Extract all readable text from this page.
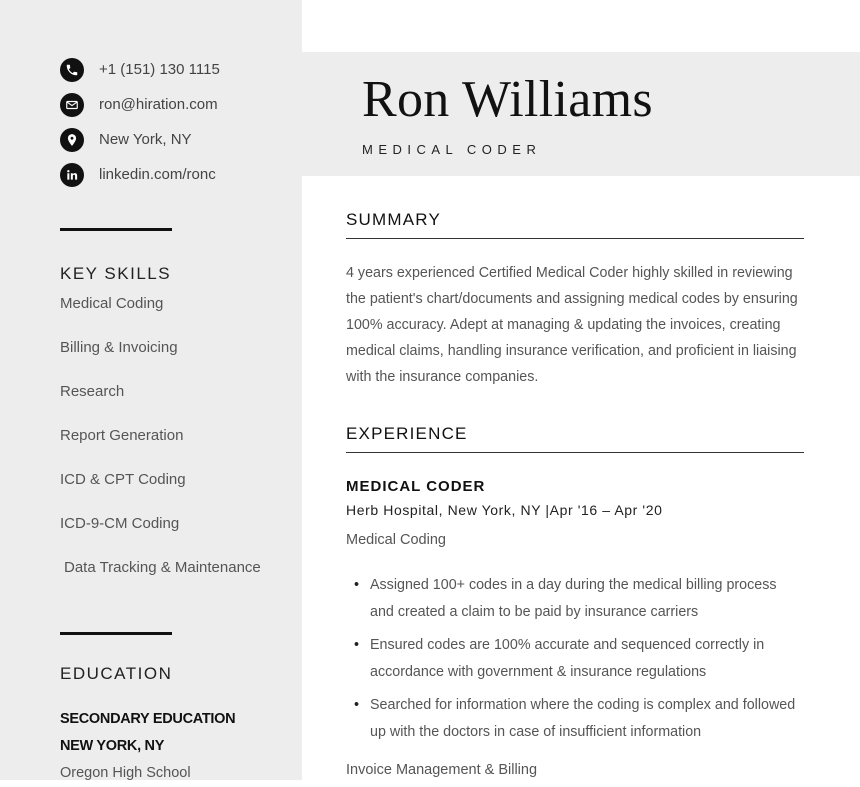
+1 (151) 130 1115
ron@hiration.com
New York, NY
linkedin.com/ronc
KEY SKILLS
Medical Coding
Billing & Invoicing
Research
Report Generation
ICD & CPT Coding
ICD-9-CM Coding
Data Tracking & Maintenance
EDUCATION
SECONDARY EDUCATION
NEW YORK, NY
Oregon High School
Ron Williams
MEDICAL CODER
SUMMARY

4 years experienced Certified Medical Coder highly skilled in reviewing the patient's chart/documents and assigning medical codes by ensuring 100% accuracy. Adept at managing & updating the invoices, creating medical claims, handling insurance verification, and proficient in liaising with the insurance companies.

EXPERIENCE
MEDICAL CODER
Herb Hospital, New York, NY |Apr '16 – Apr '20
Medical Coding
• Assigned 100+ codes in a day during the medical billing process and created a claim to be paid by insurance carriers
• Ensured codes are 100% accurate and sequenced correctly in accordance with government & insurance regulations
• Searched for information where the coding is complex and followed up with the doctors in case of insufficient information
Invoice Management & Billing
